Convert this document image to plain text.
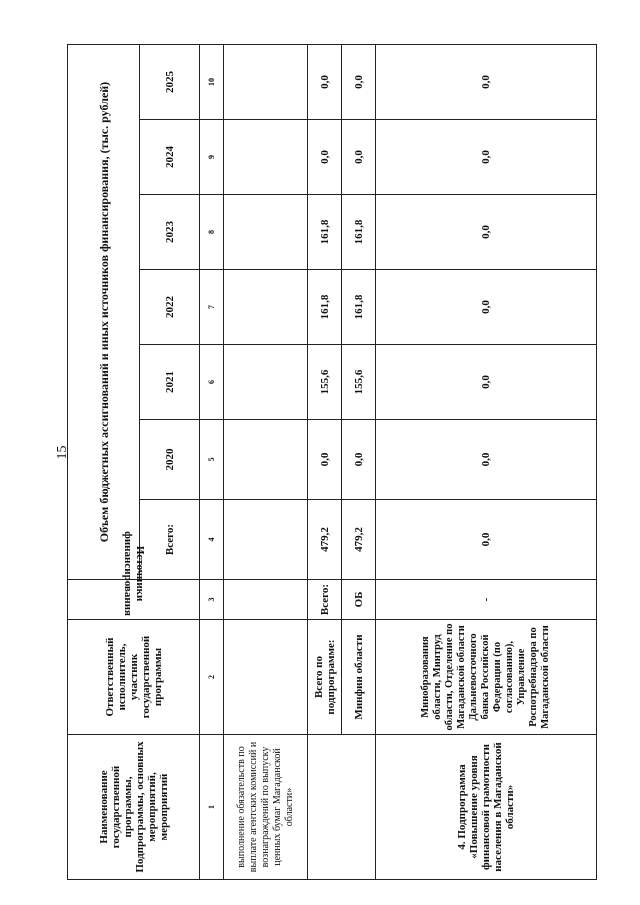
15
Наименование государственной программы, Подпрограммы, основных мероприятий, мероприятий	Ответственный исполнитель, участник государственной программы	Источники финансирования	Объем бюджетных ассигнований и иных источников финансирования, (тыс. рублей)						
			Всего:	2020	2021	2022	2023	2024	2025
1	2	3	4	5	6	7	8	9	10
выполнение обязательств по выплате агентских комиссий и вознаграждений по выпуску ценных бумаг Магаданской области»									
	Всего по подпрограмме:	Всего:	479,2	0,0	155,6	161,8	161,8	0,0	0,0
	Минфин области	ОБ	479,2	0,0	155,6	161,8	161,8	0,0	0,0
4. Подпрограмма «Повышение уровня финансовой грамотности населения в Магаданской области»	Минобразования области, Минтруд области, Отделение по Магаданской области Дальневосточного банка Российской Федерации (по согласованию), Управление Роспотребнадзора по Магаданской области	-	0,0	0,0	0,0	0,0	0,0	0,0	0,0
